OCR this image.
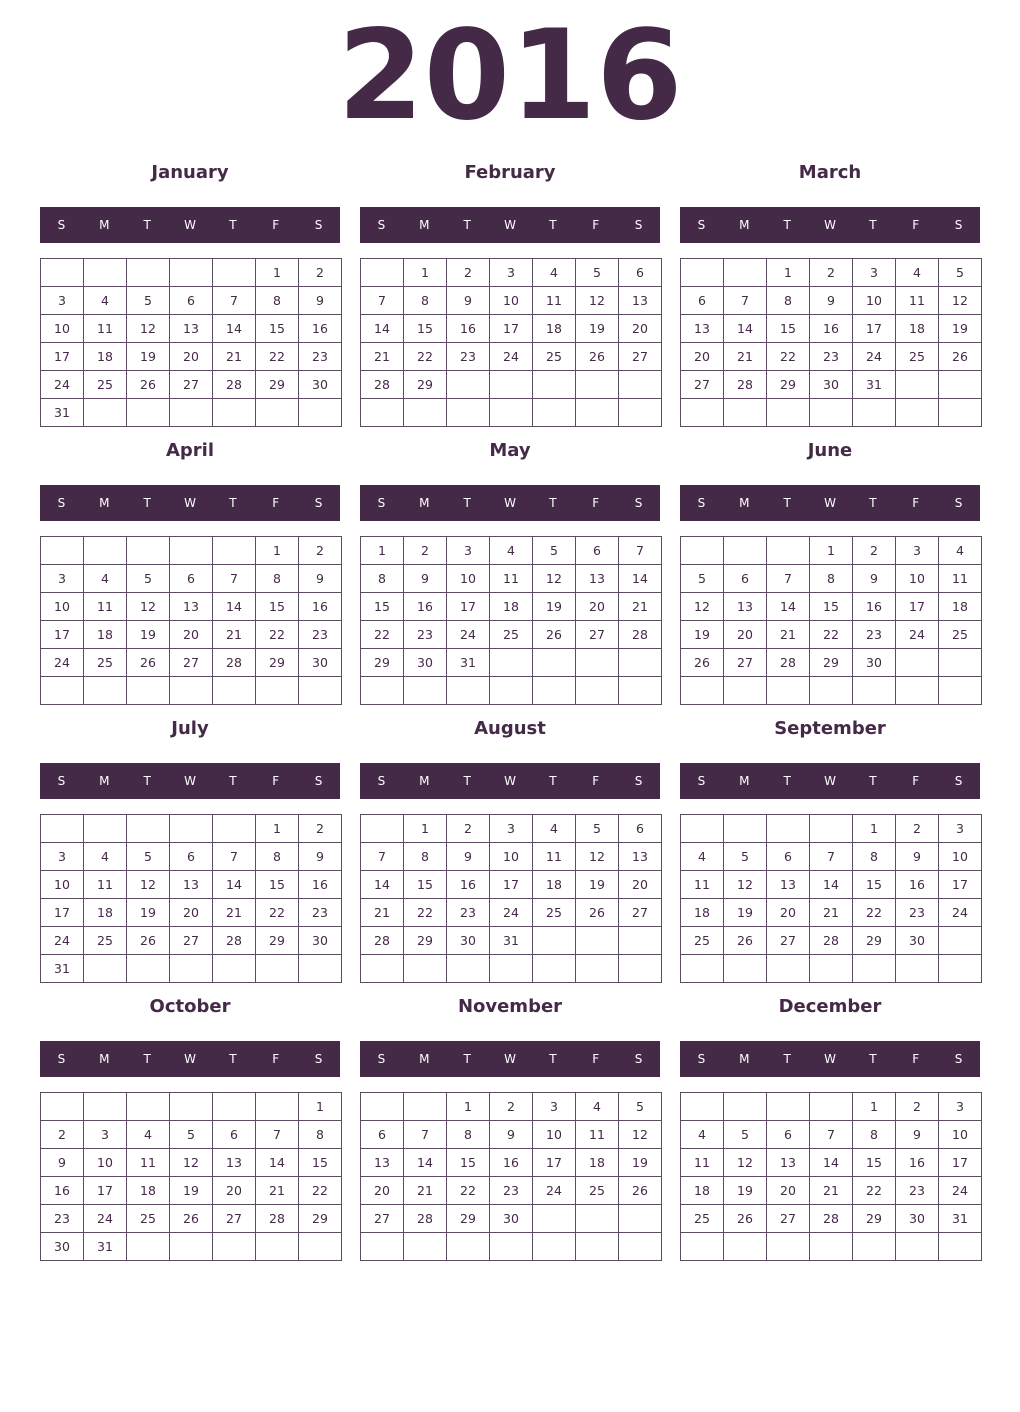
2016
January
S	M	T	W	T	F	S
					1	2
3	4	5	6	7	8	9
10	11	12	13	14	15	16
17	18	19	20	21	22	23
24	25	26	27	28	29	30
31						
February
S	M	T	W	T	F	S
	1	2	3	4	5	6
7	8	9	10	11	12	13
14	15	16	17	18	19	20
21	22	23	24	25	26	27
28	29					

March
S	M	T	W	T	F	S
		1	2	3	4	5
6	7	8	9	10	11	12
13	14	15	16	17	18	19
20	21	22	23	24	25	26
27	28	29	30	31		

April
S	M	T	W	T	F	S
					1	2
3	4	5	6	7	8	9
10	11	12	13	14	15	16
17	18	19	20	21	22	23
24	25	26	27	28	29	30

May
S	M	T	W	T	F	S
1	2	3	4	5	6	7
8	9	10	11	12	13	14
15	16	17	18	19	20	21
22	23	24	25	26	27	28
29	30	31				

June
S	M	T	W	T	F	S
			1	2	3	4
5	6	7	8	9	10	11
12	13	14	15	16	17	18
19	20	21	22	23	24	25
26	27	28	29	30		

July
S	M	T	W	T	F	S
					1	2
3	4	5	6	7	8	9
10	11	12	13	14	15	16
17	18	19	20	21	22	23
24	25	26	27	28	29	30
31						
August
S	M	T	W	T	F	S
	1	2	3	4	5	6
7	8	9	10	11	12	13
14	15	16	17	18	19	20
21	22	23	24	25	26	27
28	29	30	31			

September
S	M	T	W	T	F	S
				1	2	3
4	5	6	7	8	9	10
11	12	13	14	15	16	17
18	19	20	21	22	23	24
25	26	27	28	29	30	

October
S	M	T	W	T	F	S
						1
2	3	4	5	6	7	8
9	10	11	12	13	14	15
16	17	18	19	20	21	22
23	24	25	26	27	28	29
30	31					
November
S	M	T	W	T	F	S
		1	2	3	4	5
6	7	8	9	10	11	12
13	14	15	16	17	18	19
20	21	22	23	24	25	26
27	28	29	30			

December
S	M	T	W	T	F	S
				1	2	3
4	5	6	7	8	9	10
11	12	13	14	15	16	17
18	19	20	21	22	23	24
25	26	27	28	29	30	31
